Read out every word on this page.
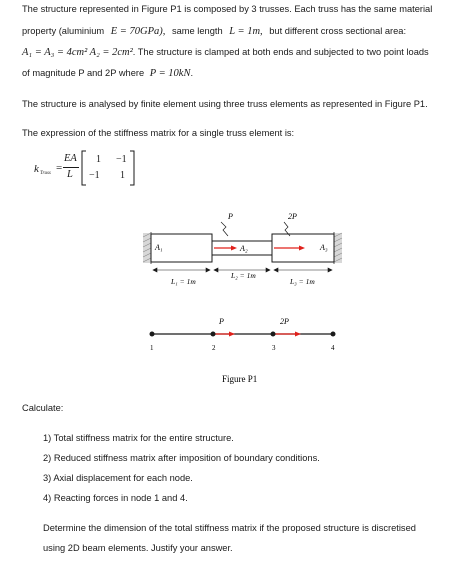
The structure represented in Figure P1 is composed by 3 trusses. Each truss has the same material
property (aluminium E = 70GPa), same length L = 1m, but different cross sectional area:
A₁ = A₃ = 4cm² A₂ = 2cm². The structure is clamped at both ends and subjected to two point loads
of magnitude P and 2P where P = 10kN.
The structure is analysed by finite element using three truss elements as represented in Figure P1.
The expression of the stiffness matrix for a single truss element is:
k Truss =
EA
L
1 −1
−1 1
A₁	A₂	A₃
P	2P
L₁ = 1m
L₂ = 1m
L₃ = 1m
P	2P
1	2	3	4
Figure P1
Calculate:
1) Total stiffness matrix for the entire structure.
2) Reduced stiffness matrix after imposition of boundary conditions.
3) Axial displacement for each node.
4) Reacting forces in node 1 and 4.
Determine the dimension of the total stiffness matrix if the proposed structure is discretised
using 2D beam elements. Justify your answer.
